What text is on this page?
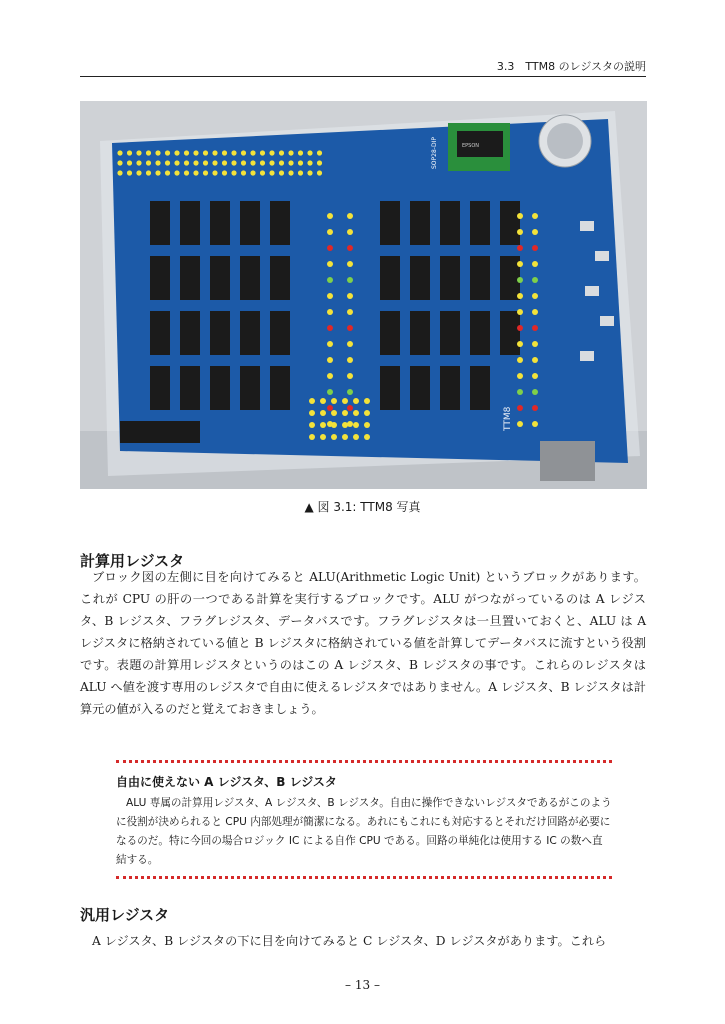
3.3　TTM8 のレジスタの説明
SOP28-DIP	EPSON
TTM8
▲ 図 3.1: TTM8 写真
計算用レジスタ

ブロック図の左側に目を向けてみると ALU(Arithmetic Logic Unit) というブロックがあります。これが CPU の肝の一つである計算を実行するブロックです。ALU がつながっているのは A レジスタ、B レジスタ、フラグレジスタ、データバスです。フラグレジスタは一旦置いておくと、ALU は A レジスタに格納されている値と B レジスタに格納されている値を計算してデータバスに流すという役割です。表題の計算用レジスタというのはこの A レジスタ、B レジスタの事です。これらのレジスタは ALU へ値を渡す専用のレジスタで自由に使えるレジスタではありません。A レジスタ、B レジスタは計算元の値が入るのだと覚えておきましょう。

自由に使えない A レジスタ、B レジスタ
ALU 専属の計算用レジスタ、A レジスタ、B レジスタ。自由に操作できないレジスタであるがこのように役割が決められると CPU 内部処理が簡潔になる。あれにもこれにも対応するとそれだけ回路が必要になるのだ。特に今回の場合ロジック IC による自作 CPU である。回路の単純化は使用する IC の数へ直結する。
汎用レジスタ

A レジスタ、B レジスタの下に目を向けてみると C レジスタ、D レジスタがあります。これら

– 13 –
